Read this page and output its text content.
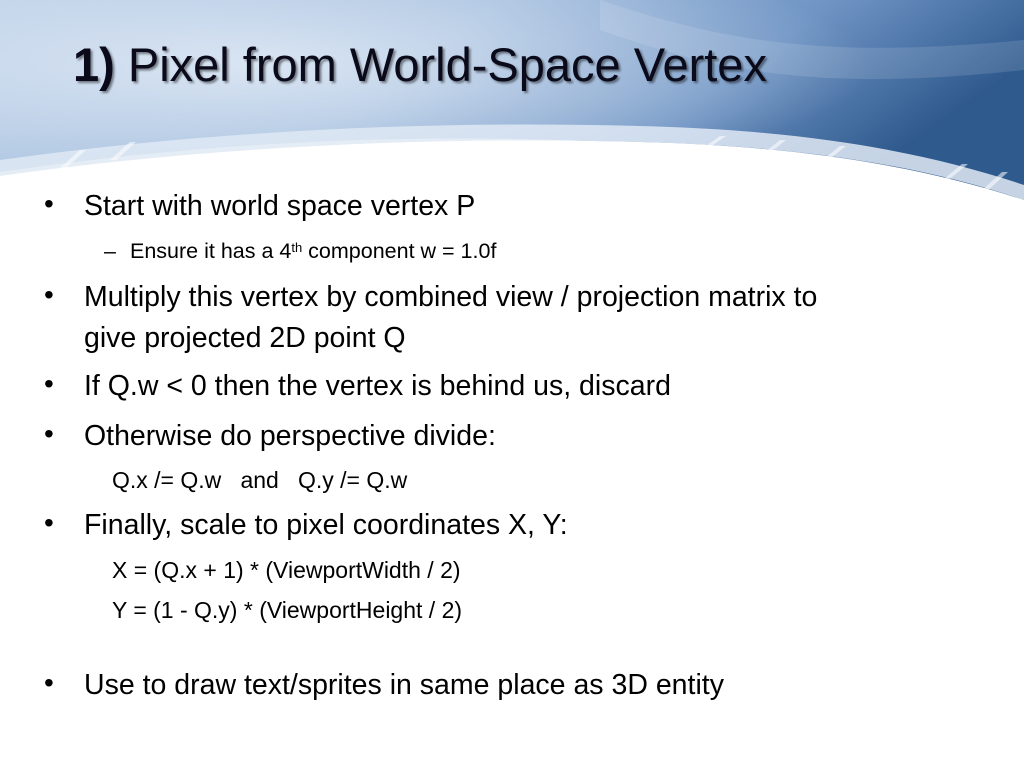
1) Pixel from World-Space Vertex
• Start with world space vertex P
– Ensure it has a 4th component w = 1.0f
• Multiply this vertex by combined view / projection matrix to
give projected 2D point Q
• If Q.w < 0 then the vertex is behind us, discard
• Otherwise do perspective divide:
Q.x /= Q.w   and   Q.y /= Q.w
• Finally, scale to pixel coordinates X, Y:
X = (Q.x + 1) * (ViewportWidth / 2)
Y = (1 - Q.y) * (ViewportHeight / 2)
• Use to draw text/sprites in same place as 3D entity
